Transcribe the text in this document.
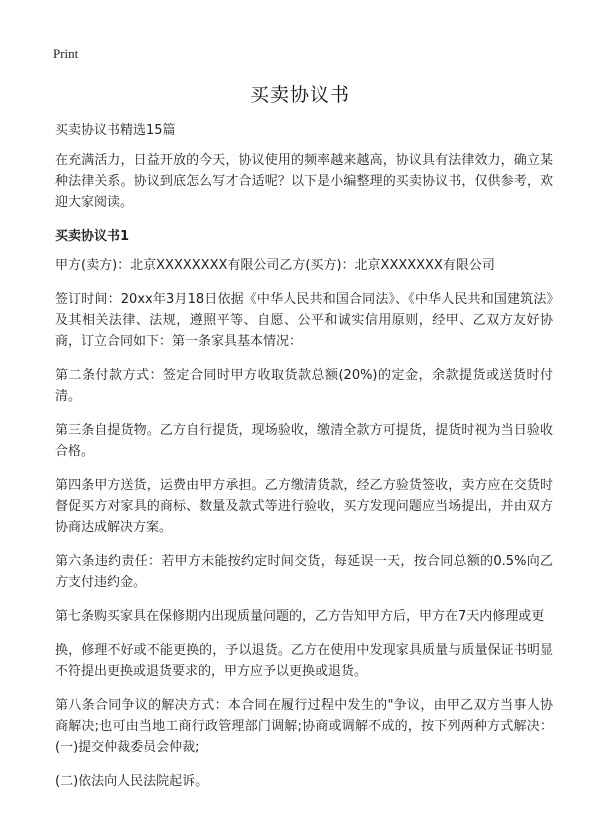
Print
买卖协议书

买卖协议书精选15篇

在充满活力，日益开放的今天，协议使用的频率越来越高，协议具有法律效力，确立某种法律关系。协议到底怎么写才合适呢？以下是小编整理的买卖协议书，仅供参考，欢迎大家阅读。

买卖协议书1

甲方(卖方)：北京XXXXXXXX有限公司乙方(买方)：北京XXXXXXX有限公司

签订时间：20xx年3月18日依据《中华人民共和国合同法》、《中华人民共和国建筑法》及其相关法律、法规，遵照平等、自愿、公平和诚实信用原则，经甲、乙双方友好协商，订立合同如下：第一条家具基本情况：

第二条付款方式：签定合同时甲方收取货款总额(20%)的定金，余款提货或送货时付清。

第三条自提货物。乙方自行提货，现场验收，缴清全款方可提货，提货时视为当日验收合格。

第四条甲方送货，运费由甲方承担。乙方缴清货款，经乙方验货签收，卖方应在交货时督促买方对家具的商标、数量及款式等进行验收，买方发现问题应当场提出，并由双方协商达成解决方案。

第六条违约责任：若甲方未能按约定时间交货，每延误一天，按合同总额的0.5%向乙方支付违约金。

第七条购买家具在保修期内出现质量问题的，乙方告知甲方后，甲方在7天内修理或更

换，修理不好或不能更换的，予以退货。乙方在使用中发现家具质量与质量保证书明显不符提出更换或退货要求的，甲方应予以更换或退货。

第八条合同争议的解决方式：本合同在履行过程中发生的"争议，由甲乙双方当事人协商解决;也可由当地工商行政管理部门调解;协商或调解不成的，按下列两种方式解决：(一)提交仲裁委员会仲裁;

(二)依法向人民法院起诉。
